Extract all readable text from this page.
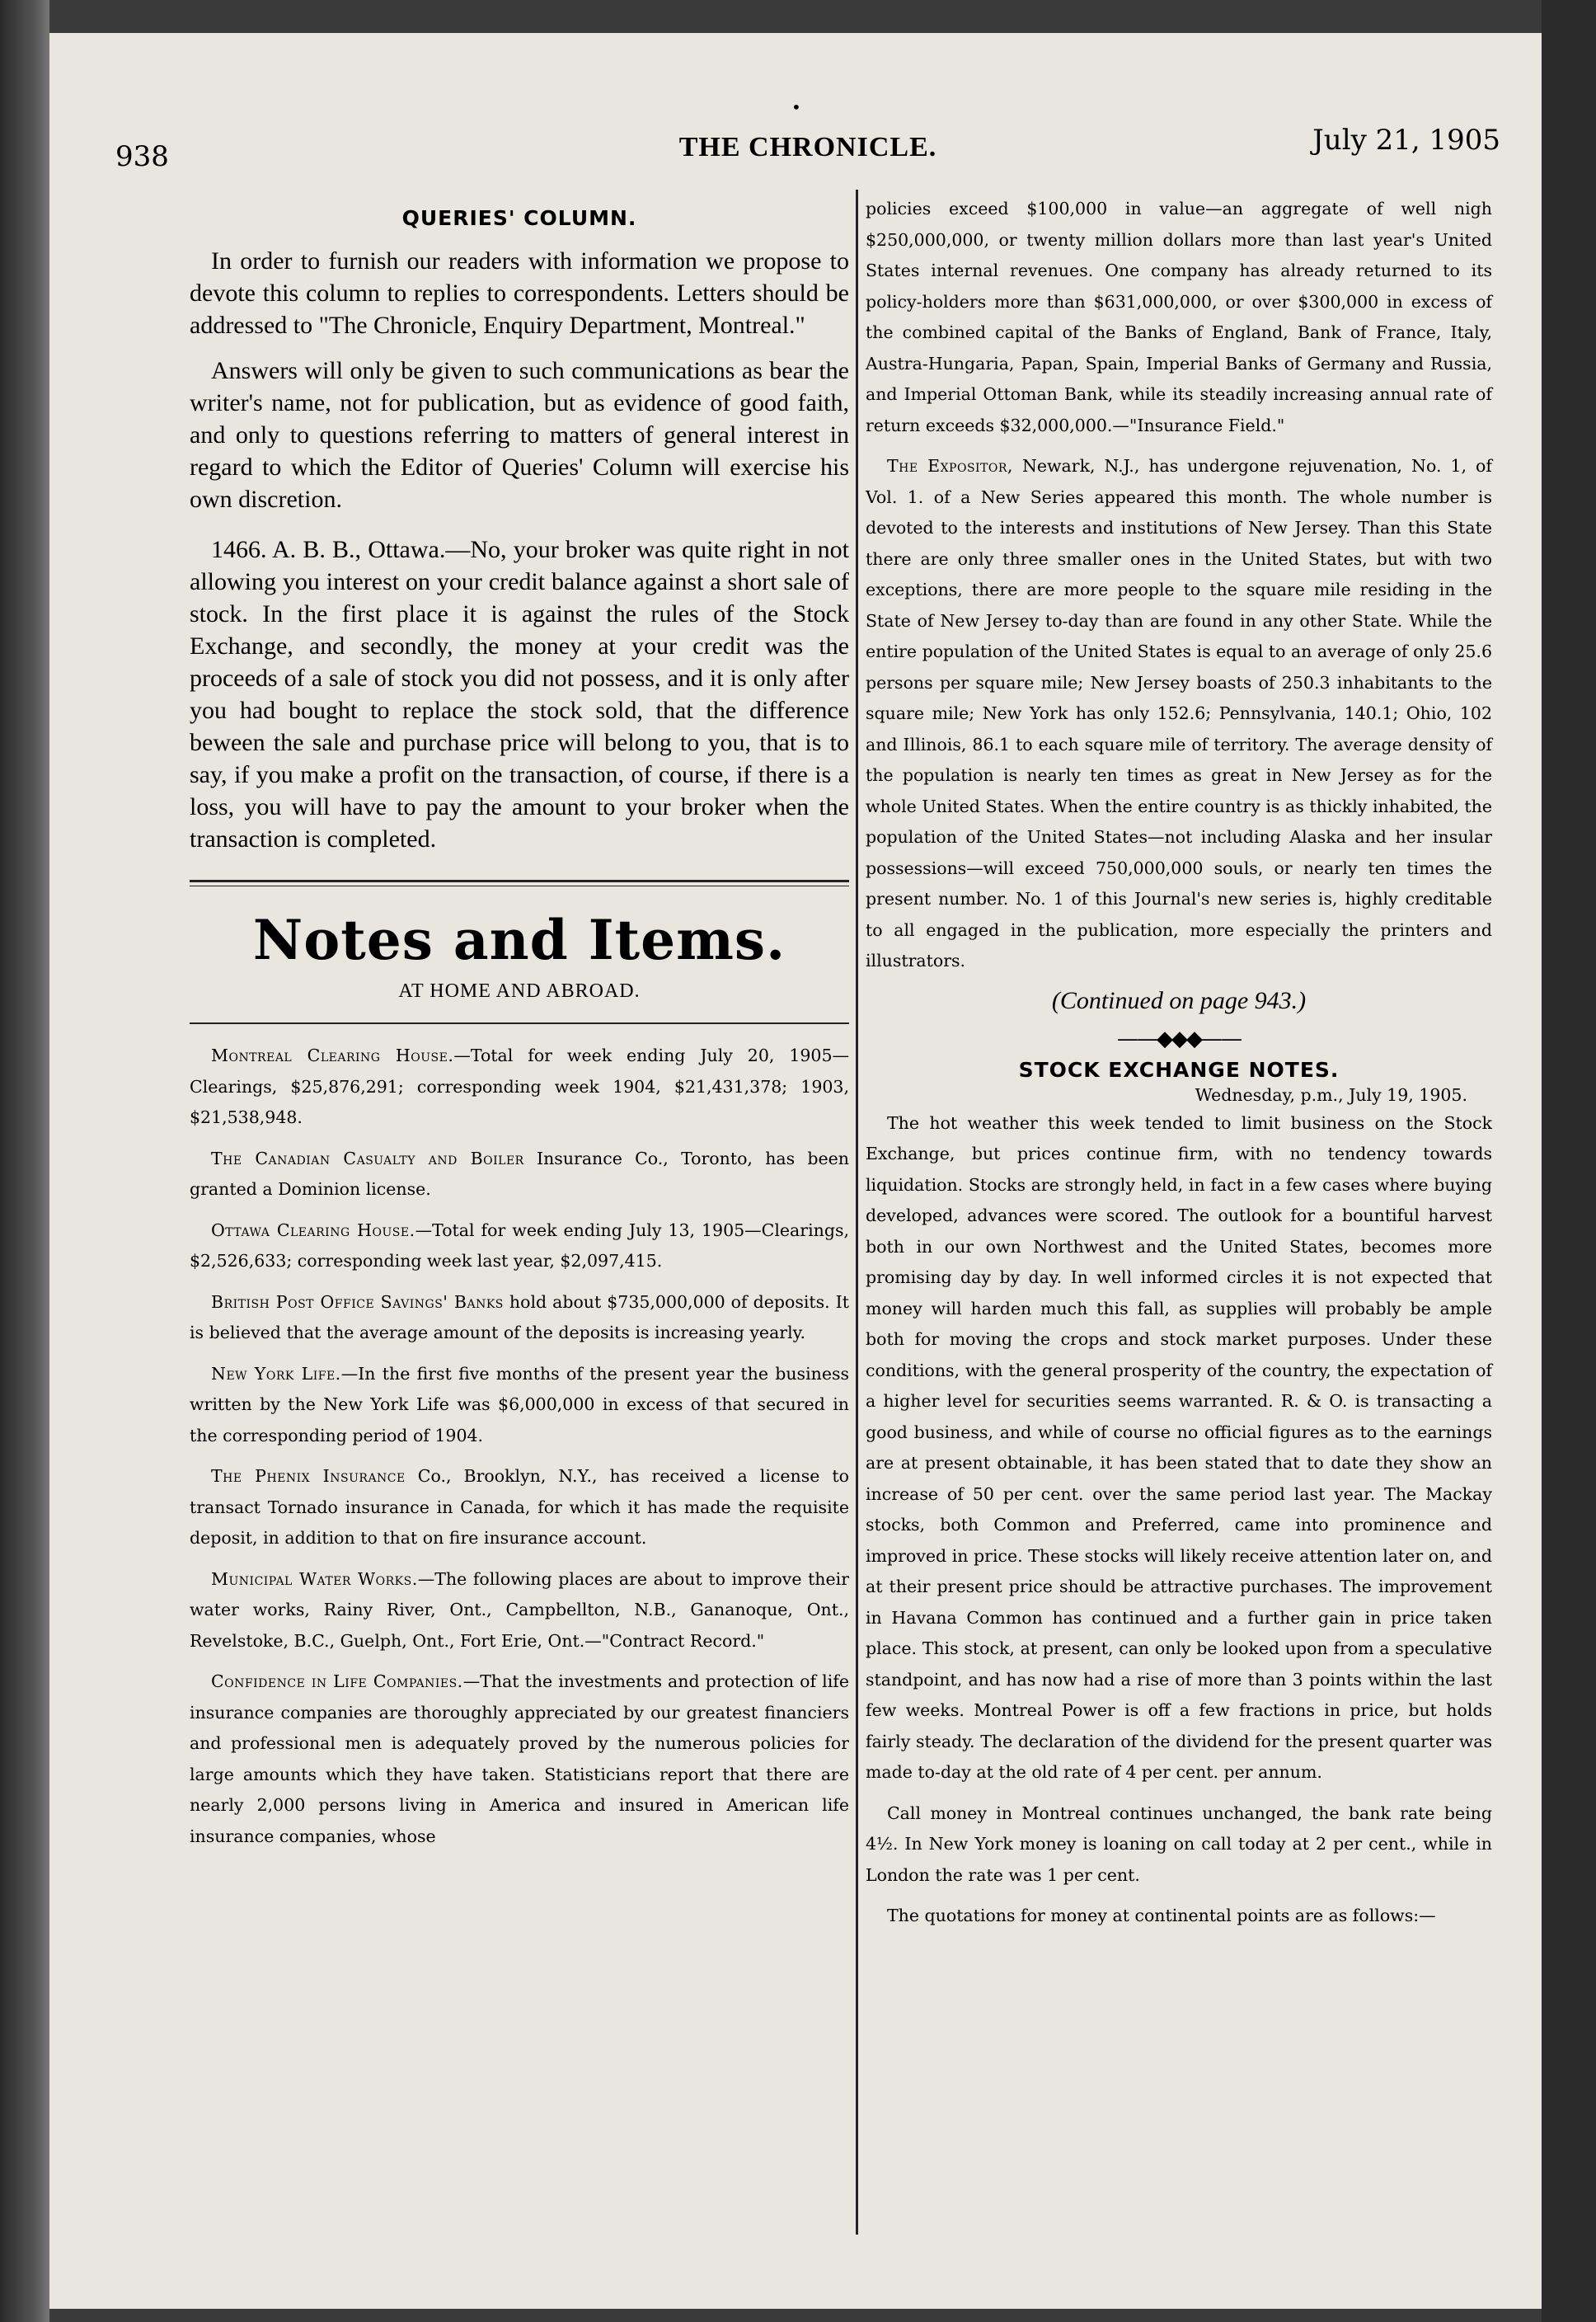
•
938	THE CHRONICLE.	July 21, 1905
QUERIES' COLUMN.

In order to furnish our readers with information we propose to devote this column to replies to correspondents. Letters should be addressed to "The Chronicle, Enquiry Department, Montreal."

Answers will only be given to such communications as bear the writer's name, not for publication, but as evidence of good faith, and only to questions referring to matters of general interest in regard to which the Editor of Queries' Column will exercise his own discretion.

1466. A. B. B., Ottawa.—No, your broker was quite right in not allowing you interest on your credit balance against a short sale of stock. In the first place it is against the rules of the Stock Exchange, and secondly, the money at your credit was the proceeds of a sale of stock you did not possess, and it is only after you had bought to replace the stock sold, that the difference beween the sale and purchase price will belong to you, that is to say, if you make a profit on the transaction, of course, if there is a loss, you will have to pay the amount to your broker when the transaction is completed.

Notes and Items.
AT HOME AND ABROAD.

Montreal Clearing House.—Total for week ending July 20, 1905—Clearings, $25,876,291; corresponding week 1904, $21,431,378; 1903, $21,538,948.

The Canadian Casualty and Boiler Insurance Co., Toronto, has been granted a Dominion license.

Ottawa Clearing House.—Total for week ending July 13, 1905—Clearings, $2,526,633; corresponding week last year, $2,097,415.

British Post Office Savings' Banks hold about $735,000,000 of deposits. It is believed that the average amount of the deposits is increasing yearly.

New York Life.—In the first five months of the present year the business written by the New York Life was $6,000,000 in excess of that secured in the corresponding period of 1904.

The Phenix Insurance Co., Brooklyn, N.Y., has received a license to transact Tornado insurance in Canada, for which it has made the requisite deposit, in addition to that on fire insurance account.

Municipal Water Works.—The following places are about to improve their water works, Rainy River, Ont., Campbellton, N.B., Gananoque, Ont., Revelstoke, B.C., Guelph, Ont., Fort Erie, Ont.—"Contract Record."

Confidence in Life Companies.—That the investments and protection of life insurance companies are thoroughly appreciated by our greatest financiers and professional men is adequately proved by the numerous policies for large amounts which they have taken. Statisticians report that there are nearly 2,000 persons living in America and insured in American life insurance companies, whose

policies exceed $100,000 in value—an aggregate of well nigh $250,000,000, or twenty million dollars more than last year's United States internal revenues. One company has already returned to its policy-holders more than $631,000,000, or over $300,000 in excess of the combined capital of the Banks of England, Bank of France, Italy, Austra-Hungaria, Papan, Spain, Imperial Banks of Germany and Russia, and Imperial Ottoman Bank, while its steadily increasing annual rate of return exceeds $32,000,000.—"Insurance Field."

The Expositor, Newark, N.J., has undergone rejuvenation, No. 1, of Vol. 1. of a New Series appeared this month. The whole number is devoted to the interests and institutions of New Jersey. Than this State there are only three smaller ones in the United States, but with two exceptions, there are more people to the square mile residing in the State of New Jersey to-day than are found in any other State. While the entire population of the United States is equal to an average of only 25.6 persons per square mile; New Jersey boasts of 250.3 inhabitants to the square mile; New York has only 152.6; Pennsylvania, 140.1; Ohio, 102 and Illinois, 86.1 to each square mile of territory. The average density of the population is nearly ten times as great in New Jersey as for the whole United States. When the entire country is as thickly inhabited, the population of the United States—not including Alaska and her insular possessions—will exceed 750,000,000 souls, or nearly ten times the present number. No. 1 of this Journal's new series is, highly creditable to all engaged in the publication, more especially the printers and illustrators.

(Continued on page 943.)
——◆◆◆——
STOCK EXCHANGE NOTES.
Wednesday, p.m., July 19, 1905.

The hot weather this week tended to limit business on the Stock Exchange, but prices continue firm, with no tendency towards liquidation. Stocks are strongly held, in fact in a few cases where buying developed, advances were scored. The outlook for a bountiful harvest both in our own Northwest and the United States, becomes more promising day by day. In well informed circles it is not expected that money will harden much this fall, as supplies will probably be ample both for moving the crops and stock market purposes. Under these conditions, with the general prosperity of the country, the expectation of a higher level for securities seems warranted. R. & O. is transacting a good business, and while of course no official figures as to the earnings are at present obtainable, it has been stated that to date they show an increase of 50 per cent. over the same period last year. The Mackay stocks, both Common and Preferred, came into prominence and improved in price. These stocks will likely receive attention later on, and at their present price should be attractive purchases. The improvement in Havana Common has continued and a further gain in price taken place. This stock, at present, can only be looked upon from a speculative standpoint, and has now had a rise of more than 3 points within the last few weeks. Montreal Power is off a few fractions in price, but holds fairly steady. The declaration of the dividend for the present quarter was made to-day at the old rate of 4 per cent. per annum.

Call money in Montreal continues unchanged, the bank rate being 4½. In New York money is loaning on call today at 2 per cent., while in London the rate was 1 per cent.

The quotations for money at continental points are as follows:—
